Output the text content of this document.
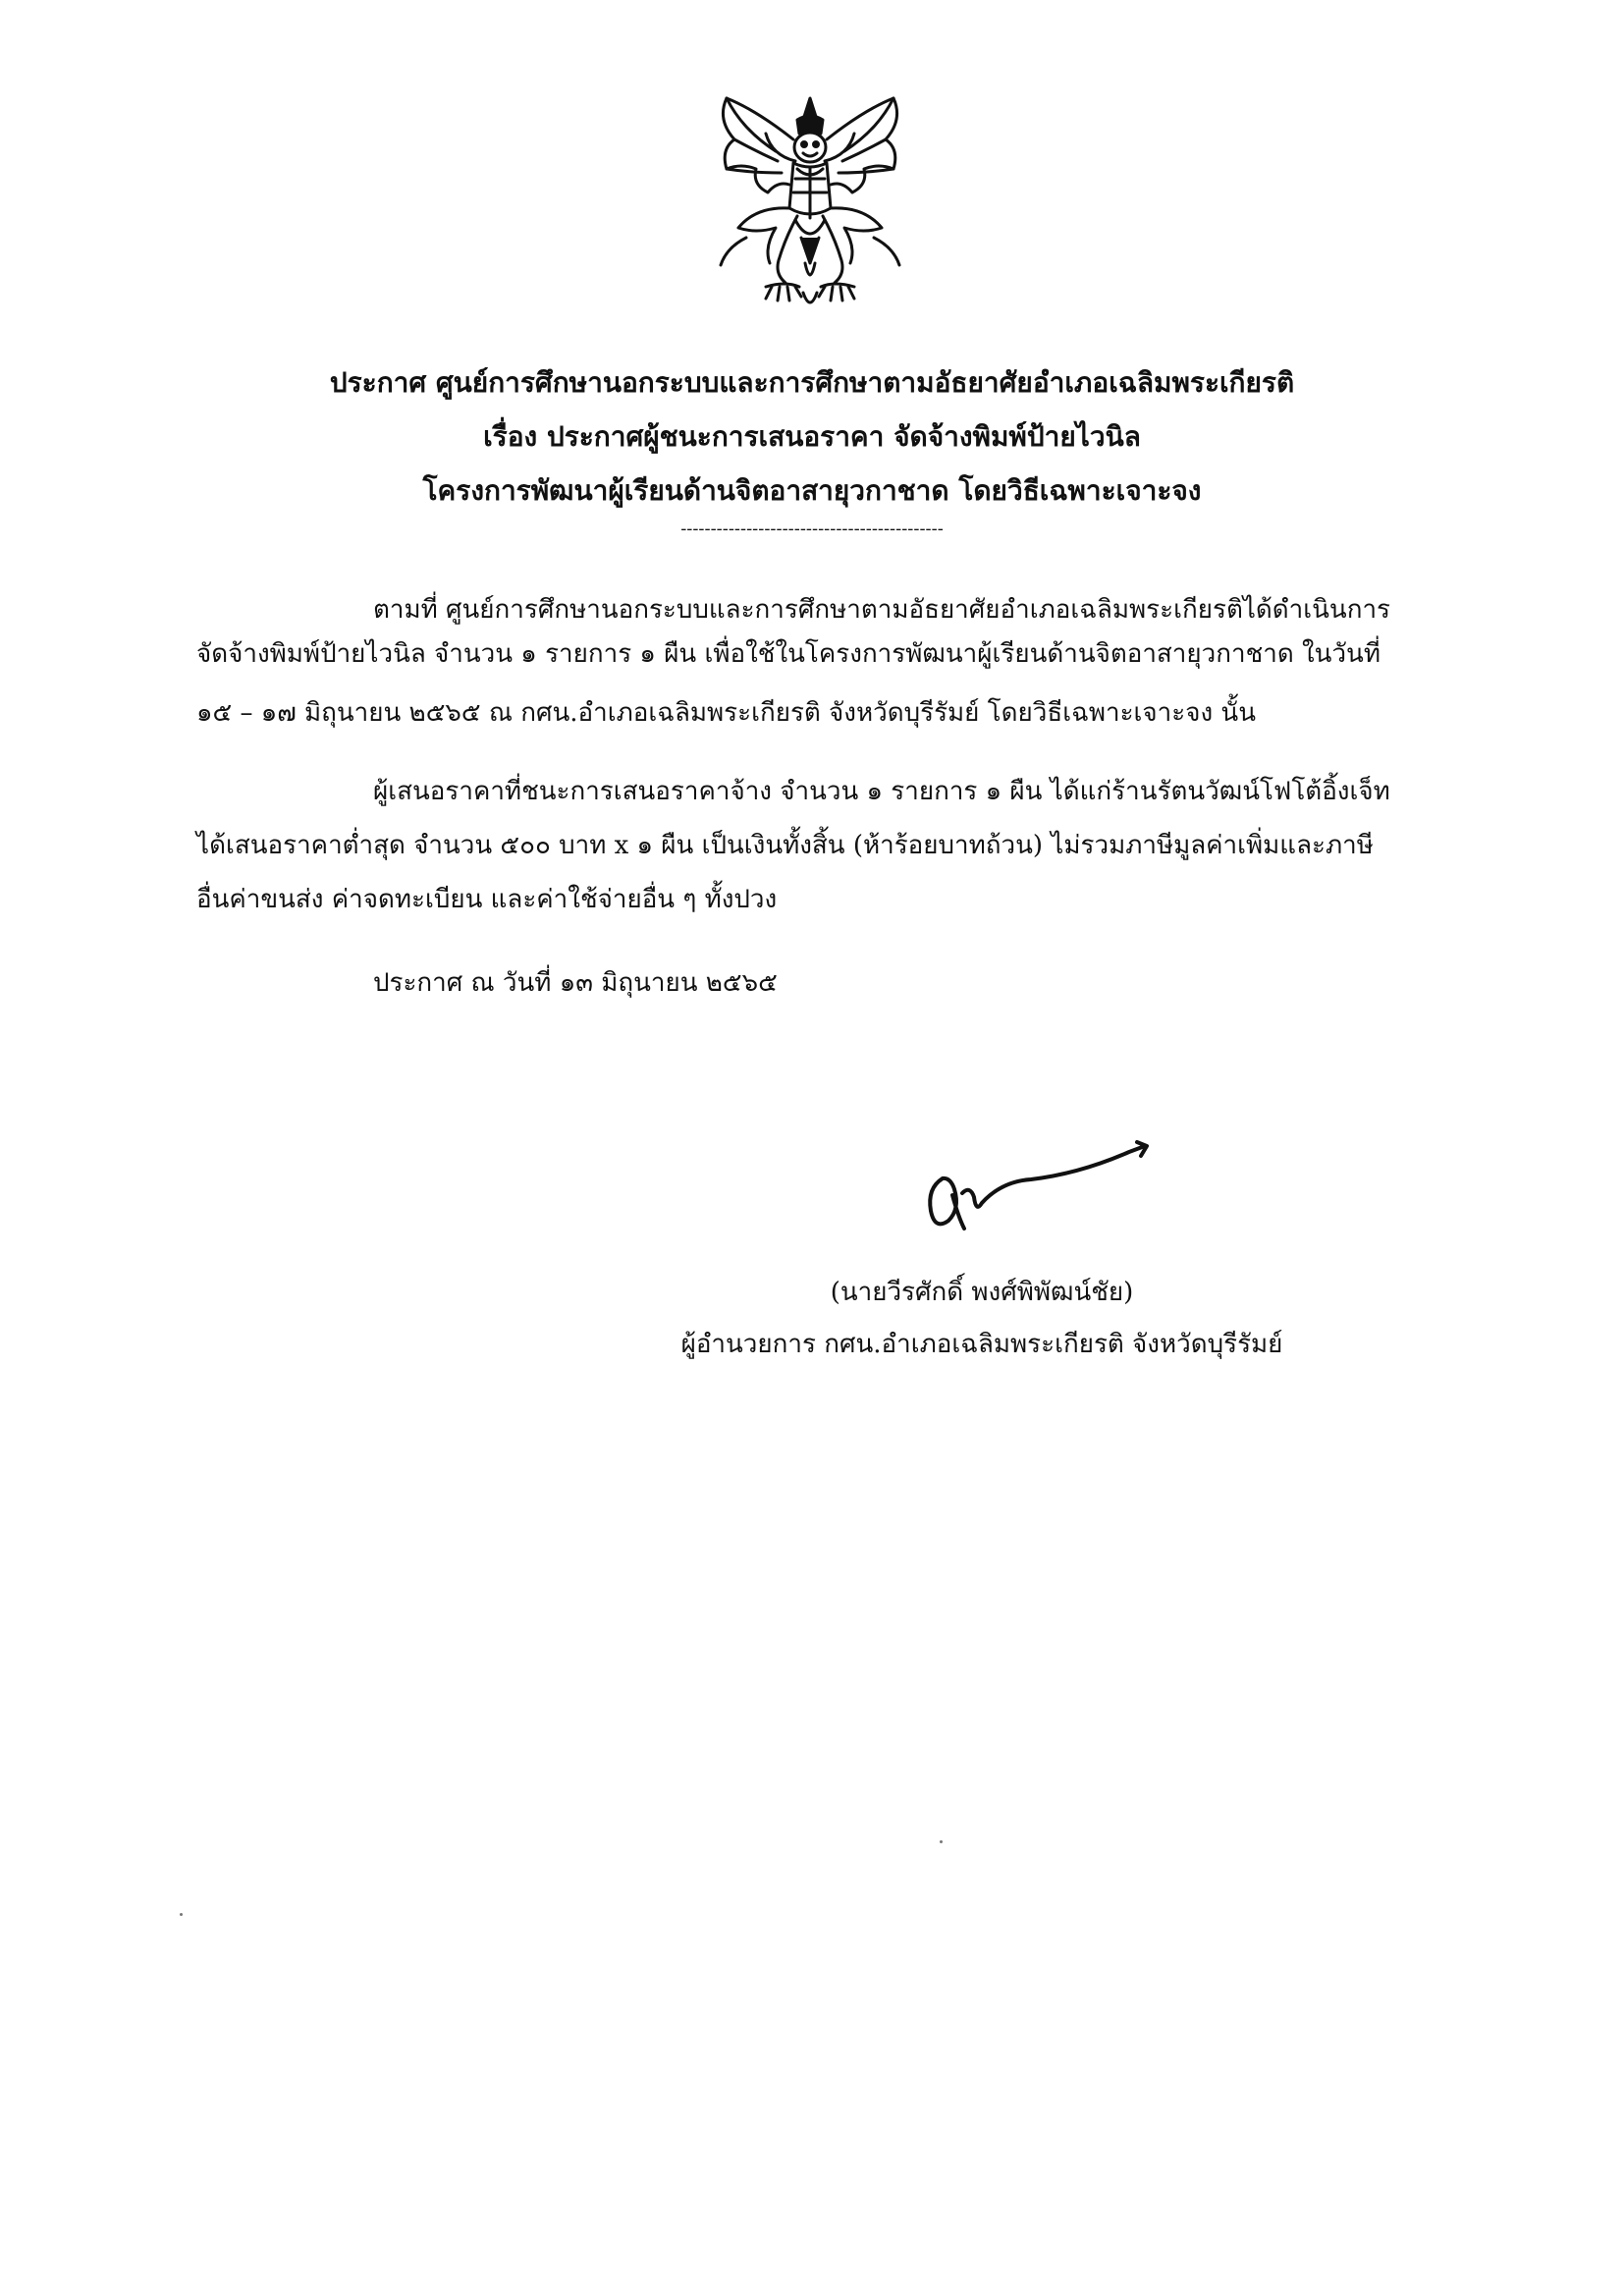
ประกาศ ศูนย์การศึกษานอกระบบและการศึกษาตามอัธยาศัยอำเภอเฉลิมพระเกียรติ
เรื่อง ประกาศผู้ชนะการเสนอราคา จัดจ้างพิมพ์ป้ายไวนิล
โครงการพัฒนาผู้เรียนด้านจิตอาสายุวกาชาด โดยวิธีเฉพาะเจาะจง
--------------------------------------------
ตามที่ ศูนย์การศึกษานอกระบบและการศึกษาตามอัธยาศัยอำเภอเฉลิมพระเกียรติได้ดำเนินการ
จัดจ้างพิมพ์ป้ายไวนิล จำนวน ๑ รายการ ๑ ผืน เพื่อใช้ในโครงการพัฒนาผู้เรียนด้านจิตอาสายุวกาชาด ในวันที่
๑๕ – ๑๗ มิถุนายน ๒๕๖๕ ณ กศน.อำเภอเฉลิมพระเกียรติ จังหวัดบุรีรัมย์ โดยวิธีเฉพาะเจาะจง นั้น
ผู้เสนอราคาที่ชนะการเสนอราคาจ้าง จำนวน ๑ รายการ ๑ ผืน ได้แก่ร้านรัตนวัฒน์โฟโต้อิ้งเจ็ท
ได้เสนอราคาต่ำสุด จำนวน ๕๐๐ บาท x ๑ ผืน เป็นเงินทั้งสิ้น (ห้าร้อยบาทถ้วน) ไม่รวมภาษีมูลค่าเพิ่มและภาษี
อื่นค่าขนส่ง ค่าจดทะเบียน และค่าใช้จ่ายอื่น ๆ ทั้งปวง
ประกาศ ณ วันที่ ๑๓ มิถุนายน ๒๕๖๕
(นายวีรศักดิ์ พงศ์พิพัฒน์ชัย)
ผู้อำนวยการ กศน.อำเภอเฉลิมพระเกียรติ จังหวัดบุรีรัมย์
